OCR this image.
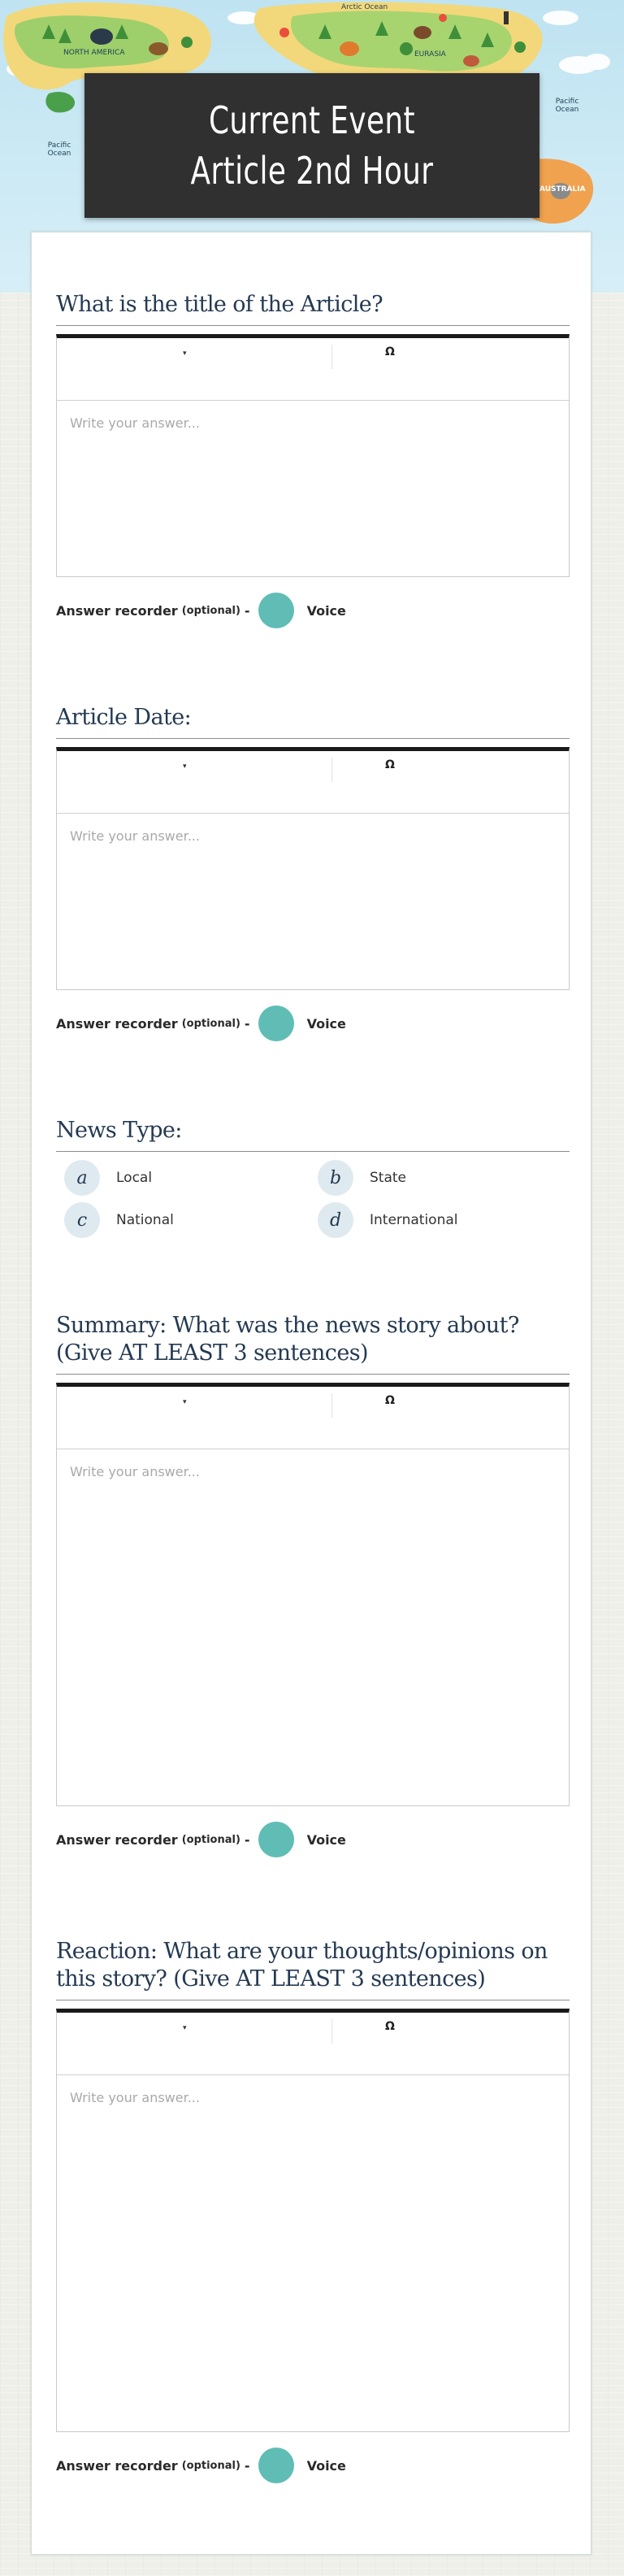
Arctic Ocean
NORTH AMERICA	EURASIA
Pacific Ocean
Pacific Ocean
AUSTRALIA
Current Event Article 2nd Hour
What is the title of the Article?
▾	Ω
Write your answer...
Answer recorder (optional) -	Voice
Article Date:
▾	Ω
Write your answer...
Answer recorder (optional) -	Voice
News Type:
a	Local	b	State
c	National	d	International
Summary: What was the news story about? (Give AT LEAST 3 sentences)
▾	Ω
Write your answer...
Answer recorder (optional) -	Voice
Reaction: What are your thoughts/opinions on this story? (Give AT LEAST 3 sentences)
▾	Ω
Write your answer...
Answer recorder (optional) -	Voice
